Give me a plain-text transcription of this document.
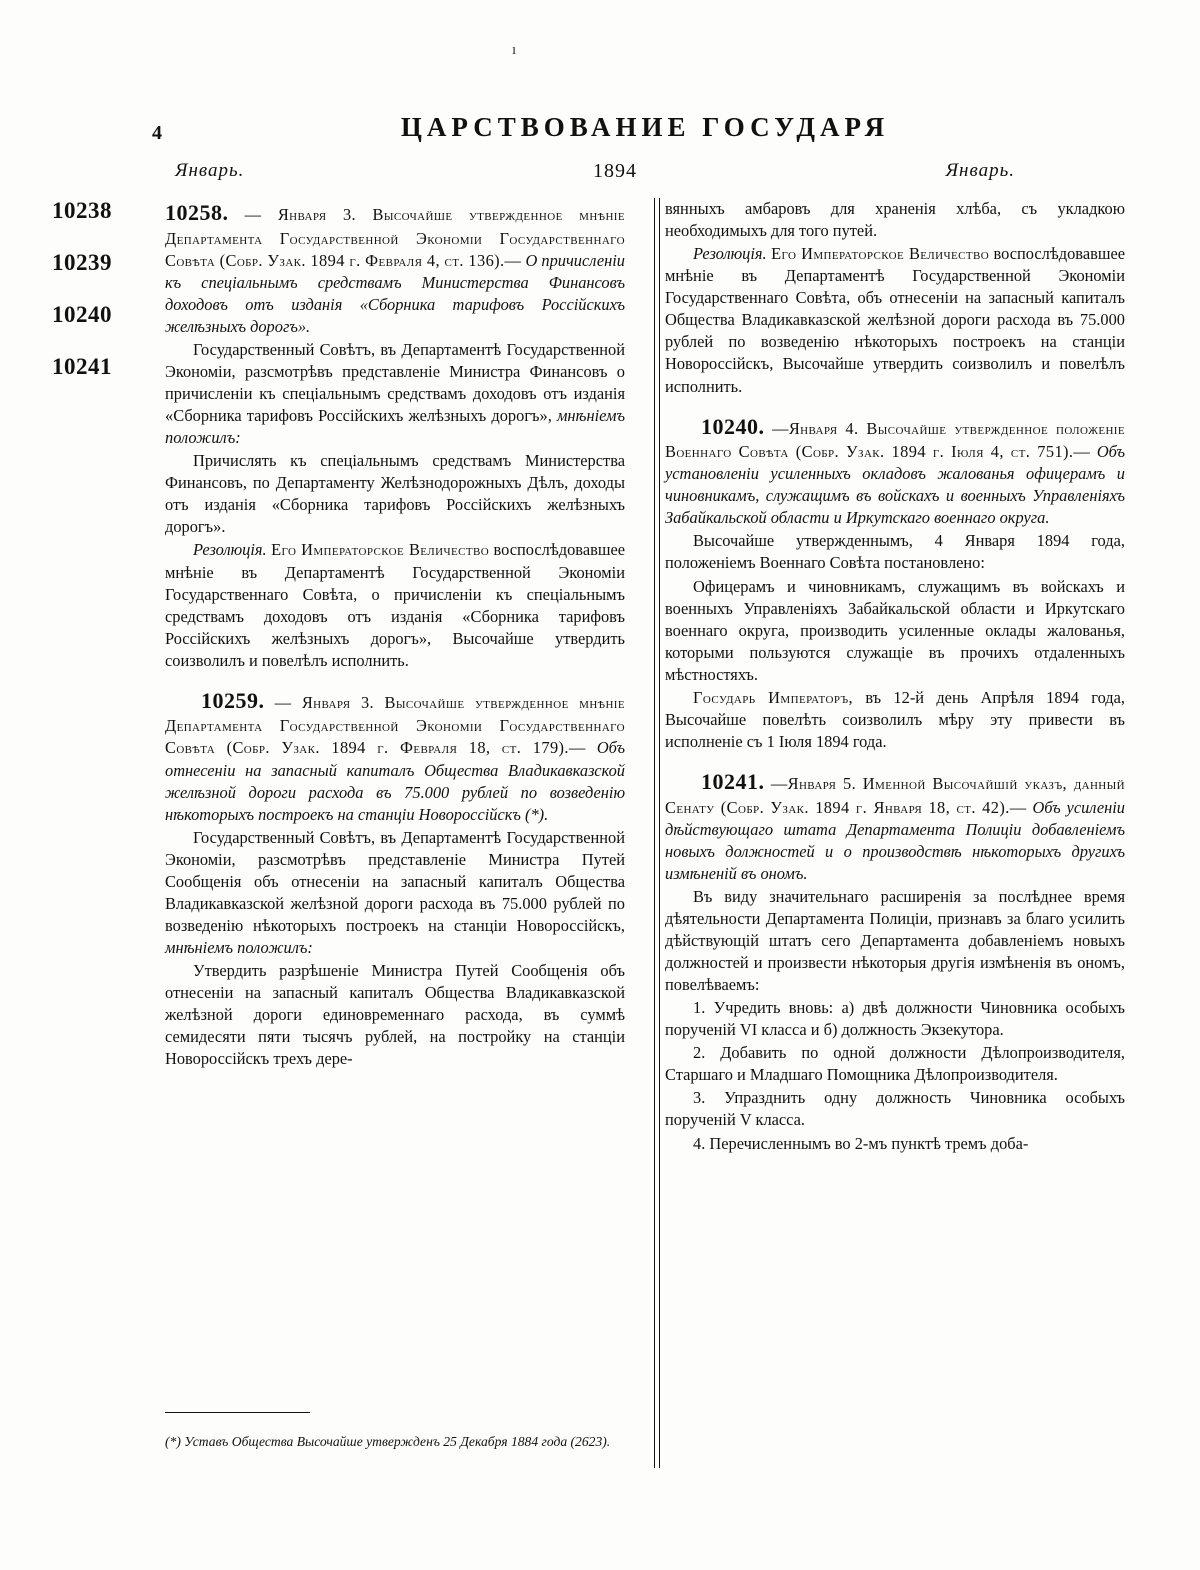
ı
4	ЦАРСТВОВАНИЕ ГОСУДАРЯ
Январь.	1894	Январь.
10238
10239
10240
10241

10258. — Января 3. Высочайше утвержденное мнѣніе Департамента Государственной Экономіи Государственнаго Совѣта (Собр. Узак. 1894 г. Февраля 4, ст. 136).— О причисленіи къ спеціальнымъ средствамъ Министерства Финансовъ доходовъ отъ изданія «Сборника тарифовъ Россійскихъ желѣзныхъ дорогъ».

Государственный Совѣтъ, въ Департаментѣ Государственной Экономіи, разсмотрѣвъ представленіе Министра Финансовъ о причисленіи къ спеціальнымъ средствамъ доходовъ отъ изданія «Сборника тарифовъ Россійскихъ желѣзныхъ дорогъ», мнѣніемъ положилъ:

Причислять къ спеціальнымъ средствамъ Министерства Финансовъ, по Департаменту Желѣзнодорожныхъ Дѣлъ, доходы отъ изданія «Сборника тарифовъ Россійскихъ желѣзныхъ дорогъ».

Резолюція. Его Императорское Величество воспослѣдовавшее мнѣніе въ Департаментѣ Государственной Экономіи Государственнаго Совѣта, о причисленіи къ спеціальнымъ средствамъ доходовъ отъ изданія «Сборника тарифовъ Россійскихъ желѣзныхъ дорогъ», Высочайше утвердить соизволилъ и повелѣлъ исполнить.

10259. — Января 3. Высочайше утвержденное мнѣніе Департамента Государственной Экономіи Государственнаго Совѣта (Собр. Узак. 1894 г. Февраля 18, ст. 179).— Объ отнесеніи на запасный капиталъ Общества Владикавказской желѣзной дороги расхода въ 75.000 рублей по возведенію нѣкоторыхъ построекъ на станціи Новороссійскъ (*).

Государственный Совѣтъ, въ Департаментѣ Государственной Экономіи, разсмотрѣвъ представленіе Министра Путей Сообщенія объ отнесеніи на запасный капиталъ Общества Владикавказской желѣзной дороги расхода въ 75.000 рублей по возведенію нѣкоторыхъ построекъ на станціи Новороссійскъ, мнѣніемъ положилъ:

Утвердить разрѣшеніе Министра Путей Сообщенія объ отнесеніи на запасный капиталъ Общества Владикавказской желѣзной дороги единовременнаго расхода, въ суммѣ семидесяти пяти тысячъ рублей, на постройку на станціи Новороссійскъ трехъ дере-

(*) Уставъ Общества Высочайше утвержденъ 25 Декабря 1884 года (2623).

вянныхъ амбаровъ для храненія хлѣба, съ укладкою необходимыхъ для того путей.

Резолюція. Его Императорское Величество воспослѣдовавшее мнѣніе въ Департаментѣ Государственной Экономіи Государственнаго Совѣта, объ отнесеніи на запасный капиталъ Общества Владикавказской желѣзной дороги расхода въ 75.000 рублей по возведенію нѣкоторыхъ построекъ на станціи Новороссійскъ, Высочайше утвердить соизволилъ и повелѣлъ исполнить.

10240. —Января 4. Высочайше утвержденное положеніе Военнаго Совѣта (Собр. Узак. 1894 г. Іюля 4, ст. 751).— Объ установленіи усиленныхъ окладовъ жалованья офицерамъ и чиновникамъ, служащимъ въ войскахъ и военныхъ Управленіяхъ Забайкальской области и Иркутскаго военнаго округа.

Высочайше утвержденнымъ, 4 Января 1894 года, положеніемъ Военнаго Совѣта постановлено:

Офицерамъ и чиновникамъ, служащимъ въ войскахъ и военныхъ Управленіяхъ Забайкальской области и Иркутскаго военнаго округа, производить усиленные оклады жалованья, которыми пользуются служащіе въ прочихъ отдаленныхъ мѣстностяхъ.

Государь Императоръ, въ 12-й день Апрѣля 1894 года, Высочайше повелѣть соизволилъ мѣру эту привести въ исполненіе съ 1 Іюля 1894 года.

10241. —Января 5. Именной Высочайшій указъ, данный Сенату (Собр. Узак. 1894 г. Января 18, ст. 42).— Объ усиленіи дѣйствующаго штата Департамента Полиціи добавленіемъ новыхъ должностей и о производствѣ нѣкоторыхъ другихъ измѣненій въ ономъ.

Въ виду значительнаго расширенія за послѣднее время дѣятельности Департамента Полиціи, признавъ за благо усилить дѣйствующій штатъ сего Департамента добавленіемъ новыхъ должностей и произвести нѣкоторыя другія измѣненія въ ономъ, повелѣваемъ:

1. Учредить вновь: а) двѣ должности Чиновника особыхъ порученій VI класса и б) должность Экзекутора.

2. Добавить по одной должности Дѣлопроизводителя, Старшаго и Младшаго Помощника Дѣлопроизводителя.

3. Упразднить одну должность Чиновника особыхъ порученій V класса.

4. Перечисленнымъ во 2-мъ пунктѣ тремъ доба-
